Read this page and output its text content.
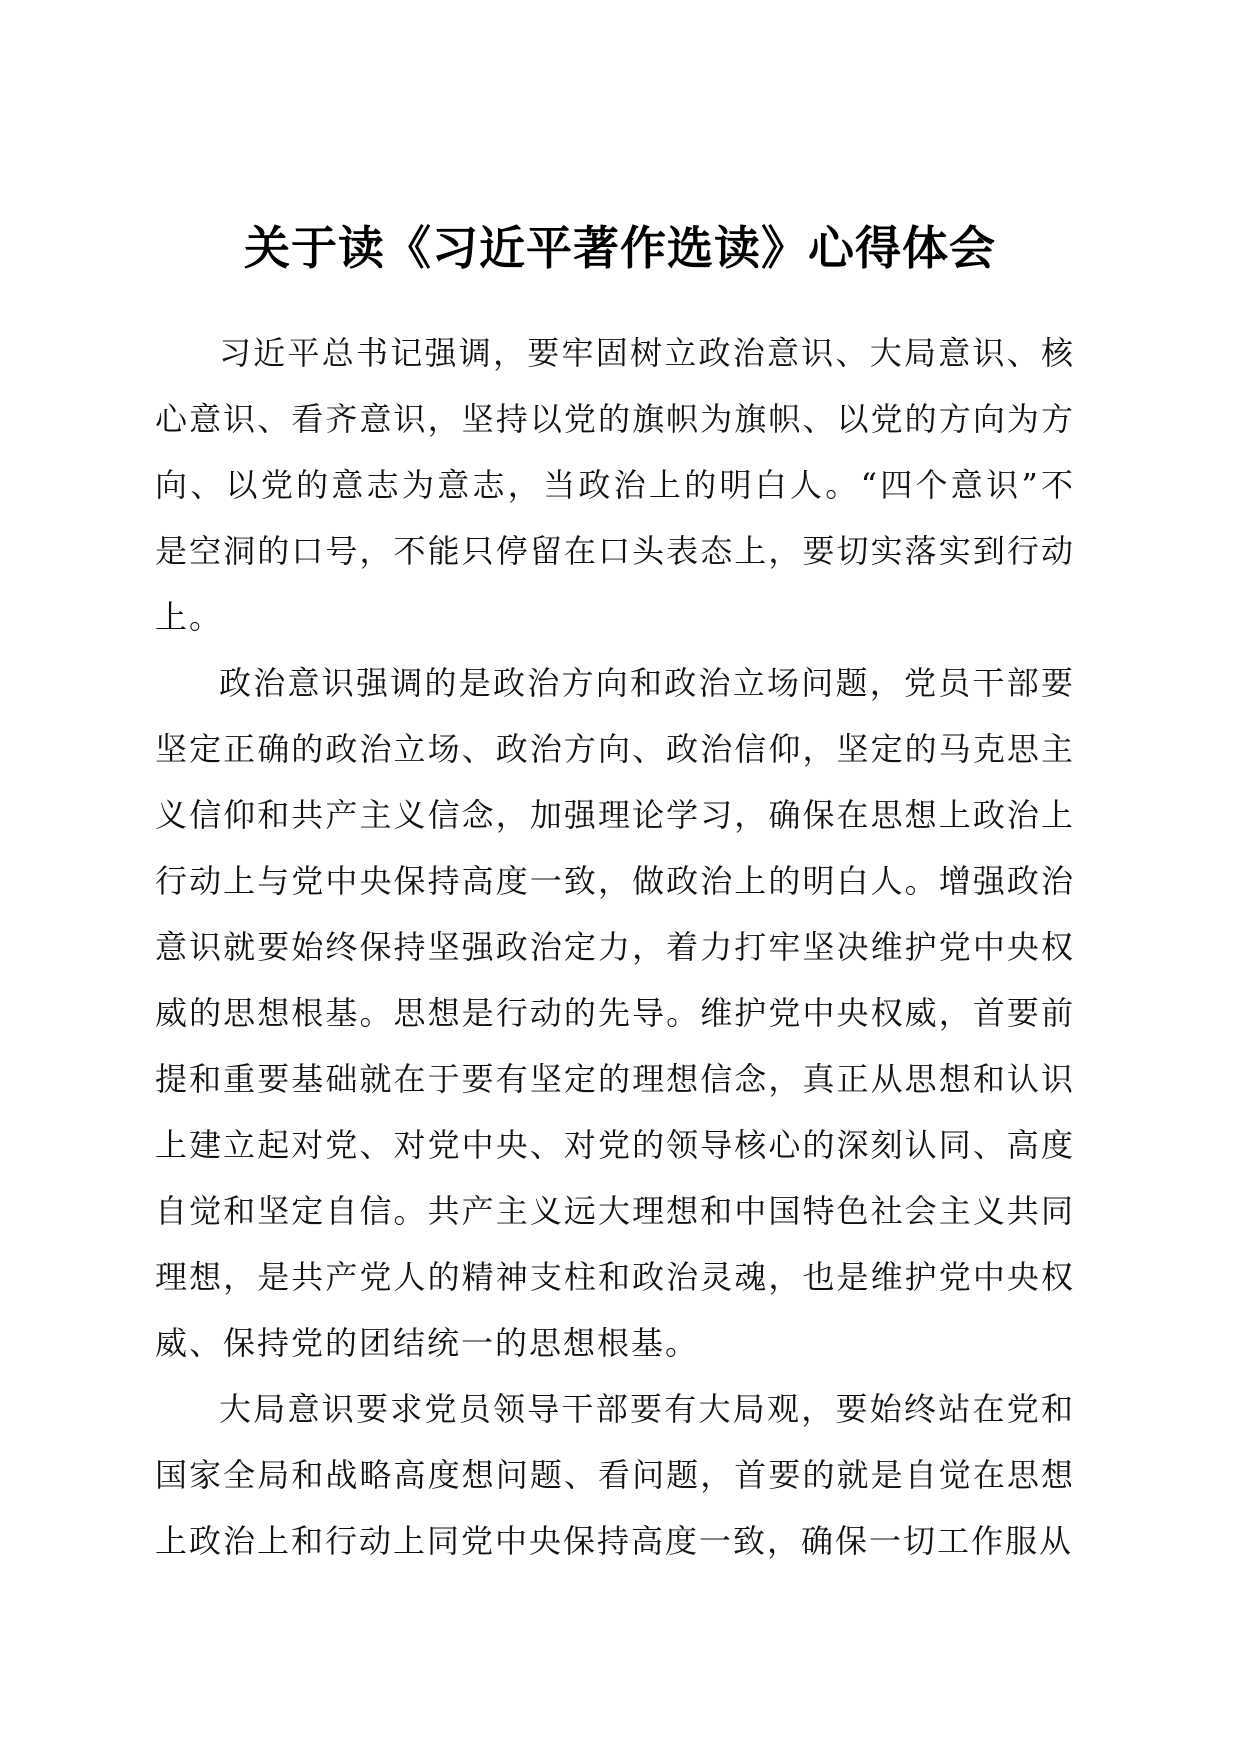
关于读《习近平著作选读》心得体会

习近平总书记强调，要牢固树立政治意识、大局意识、核心意识、看齐意识，坚持以党的旗帜为旗帜、以党的方向为方向、以党的意志为意志，当政治上的明白人。“四个意识”不是空洞的口号，不能只停留在口头表态上，要切实落实到行动上。

政治意识强调的是政治方向和政治立场问题，党员干部要坚定正确的政治立场、政治方向、政治信仰，坚定的马克思主义信仰和共产主义信念，加强理论学习，确保在思想上政治上行动上与党中央保持高度一致，做政治上的明白人。增强政治意识就要始终保持坚强政治定力，着力打牢坚决维护党中央权威的思想根基。思想是行动的先导。维护党中央权威，首要前提和重要基础就在于要有坚定的理想信念，真正从思想和认识上建立起对党、对党中央、对党的领导核心的深刻认同、高度自觉和坚定自信。共产主义远大理想和中国特色社会主义共同理想，是共产党人的精神支柱和政治灵魂，也是维护党中央权威、保持党的团结统一的思想根基。

大局意识要求党员领导干部要有大局观，要始终站在党和国家全局和战略高度想问题、看问题，首要的就是自觉在思想上政治上和行动上同党中央保持高度一致，确保一切工作服从
